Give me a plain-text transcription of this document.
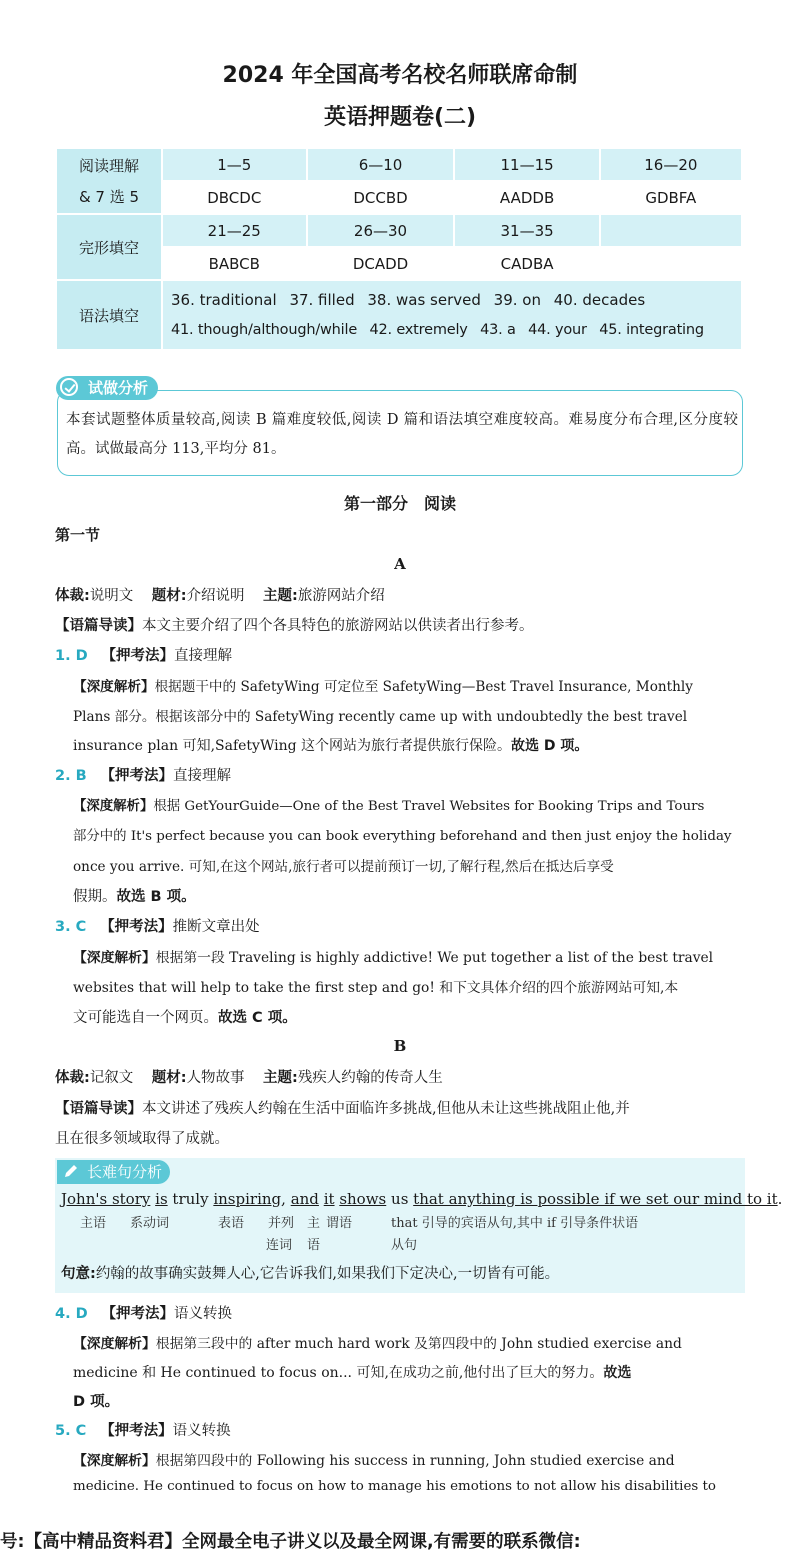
2024 年全国高考名校名师联席命制
英语押题卷(二)
阅读理解
& 7 选 5	1—5	6—10	11—15	16—20
	DBCDC	DCCBD	AADDB	GDBFA
完形填空	21—25	26—30	31—35	
	BABCB	DCADD	CADBA	
语法填空	36. traditional 37. filled 38. was served 39. on 40. decades
41. though/although/while 42. extremely 43. a 44. your 45. integrating			
试做分析
本套试题整体质量较高,阅读 B 篇难度较低,阅读 D 篇和语法填空难度较高。难易度分布合理,区分度较高。试做最高分 113,平均分 81。
第一部分　阅读
第一节
A
体裁:说明文 题材:介绍说明 主题:旅游网站介绍
【语篇导读】本文主要介绍了四个各具特色的旅游网站以供读者出行参考。
1. D 【押考法】直接理解
【深度解析】根据题干中的 SafetyWing 可定位至 SafetyWing—Best Travel Insurance, Monthly
Plans 部分。根据该部分中的 SafetyWing recently came up with undoubtedly the best travel
insurance plan 可知,SafetyWing 这个网站为旅行者提供旅行保险。故选 D 项。
2. B 【押考法】直接理解
【深度解析】根据 GetYourGuide—One of the Best Travel Websites for Booking Trips and Tours
部分中的 It's perfect because you can book everything beforehand and then just enjoy the holiday
once you arrive. 可知,在这个网站,旅行者可以提前预订一切,了解行程,然后在抵达后享受
假期。故选 B 项。
3. C 【押考法】推断文章出处
【深度解析】根据第一段 Traveling is highly addictive! We put together a list of the best travel
websites that will help to take the first step and go! 和下文具体介绍的四个旅游网站可知,本
文可能选自一个网页。故选 C 项。
B
体裁:记叙文 题材:人物故事 主题:残疾人约翰的传奇人生
【语篇导读】本文讲述了残疾人约翰在生活中面临许多挑战,但他从未让这些挑战阻止他,并
且在很多领域取得了成就。
长难句分析
John's story is truly inspiring, and it shows us that anything is possible if we set our mind to it.
主语 系动词	表语 并列
连词
主
语
谓语	that 引导的宾语从句,其中 if 引导条件状语
从句
句意:约翰的故事确实鼓舞人心,它告诉我们,如果我们下定决心,一切皆有可能。
4. D 【押考法】语义转换
【深度解析】根据第三段中的 after much hard work 及第四段中的 John studied exercise and
medicine 和 He continued to focus on... 可知,在成功之前,他付出了巨大的努力。故选
D 项。
5. C 【押考法】语义转换
【深度解析】根据第四段中的 Following his success in running, John studied exercise and
medicine. He continued to focus on how to manage his emotions to not allow his disabilities to
号:【高中精品资料君】全网最全电子讲义以及最全网课,有需要的联系微信:
